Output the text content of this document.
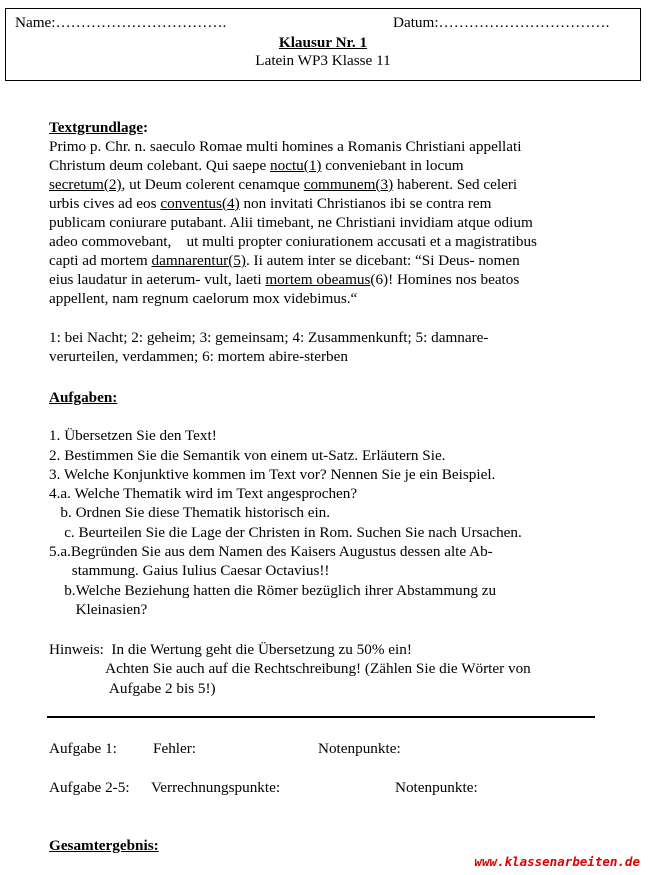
Name:…………………………….	Datum:…………………………….
Klausur Nr. 1
Latein WP3 Klasse 11
Textgrundlage:
Primo p. Chr. n. saeculo Romae multi homines a Romanis Christiani appellati
Christum deum colebant. Qui saepe noctu(1) conveniebant in locum
secretum(2), ut Deum colerent cenamque communem(3) haberent. Sed celeri
urbis cives ad eos conventus(4) non invitati Christianos ibi se contra rem
publicam coniurare putabant. Alii timebant, ne Christiani invidiam atque odium
adeo commovebant,    ut multi propter coniurationem accusati et a magistratibus
capti ad mortem damnarentur(5). Ii autem inter se dicebant: “Si Deus- nomen
eius laudatur in aeterum- vult, laeti mortem obeamus(6)! Homines nos beatos
appellent, nam regnum caelorum mox videbimus.“
1: bei Nacht; 2: geheim; 3: gemeinsam; 4: Zusammenkunft; 5: damnare-
verurteilen, verdammen; 6: mortem abire-sterben
Aufgaben:
1. Übersetzen Sie den Text!
2. Bestimmen Sie die Semantik von einem ut-Satz. Erläutern Sie.
3. Welche Konjunktive kommen im Text vor? Nennen Sie je ein Beispiel.
4.a. Welche Thematik wird im Text angesprochen?
b. Ordnen Sie diese Thematik historisch ein.
c. Beurteilen Sie die Lage der Christen in Rom. Suchen Sie nach Ursachen.
5.a.Begründen Sie aus dem Namen des Kaisers Augustus dessen alte Ab-
stammung. Gaius Iulius Caesar Octavius!!
b.Welche Beziehung hatten die Römer bezüglich ihrer Abstammung zu
Kleinasien?
Hinweis:  In die Wertung geht die Übersetzung zu 50% ein!
Achten Sie auch auf die Rechtschreibung! (Zählen Sie die Wörter von
Aufgabe 2 bis 5!)
Aufgabe 1: Fehler:	Notenpunkte:
Aufgabe 2-5: Verrechnungspunkte:	Notenpunkte:
Gesamtergebnis:
www.klassenarbeiten.de
